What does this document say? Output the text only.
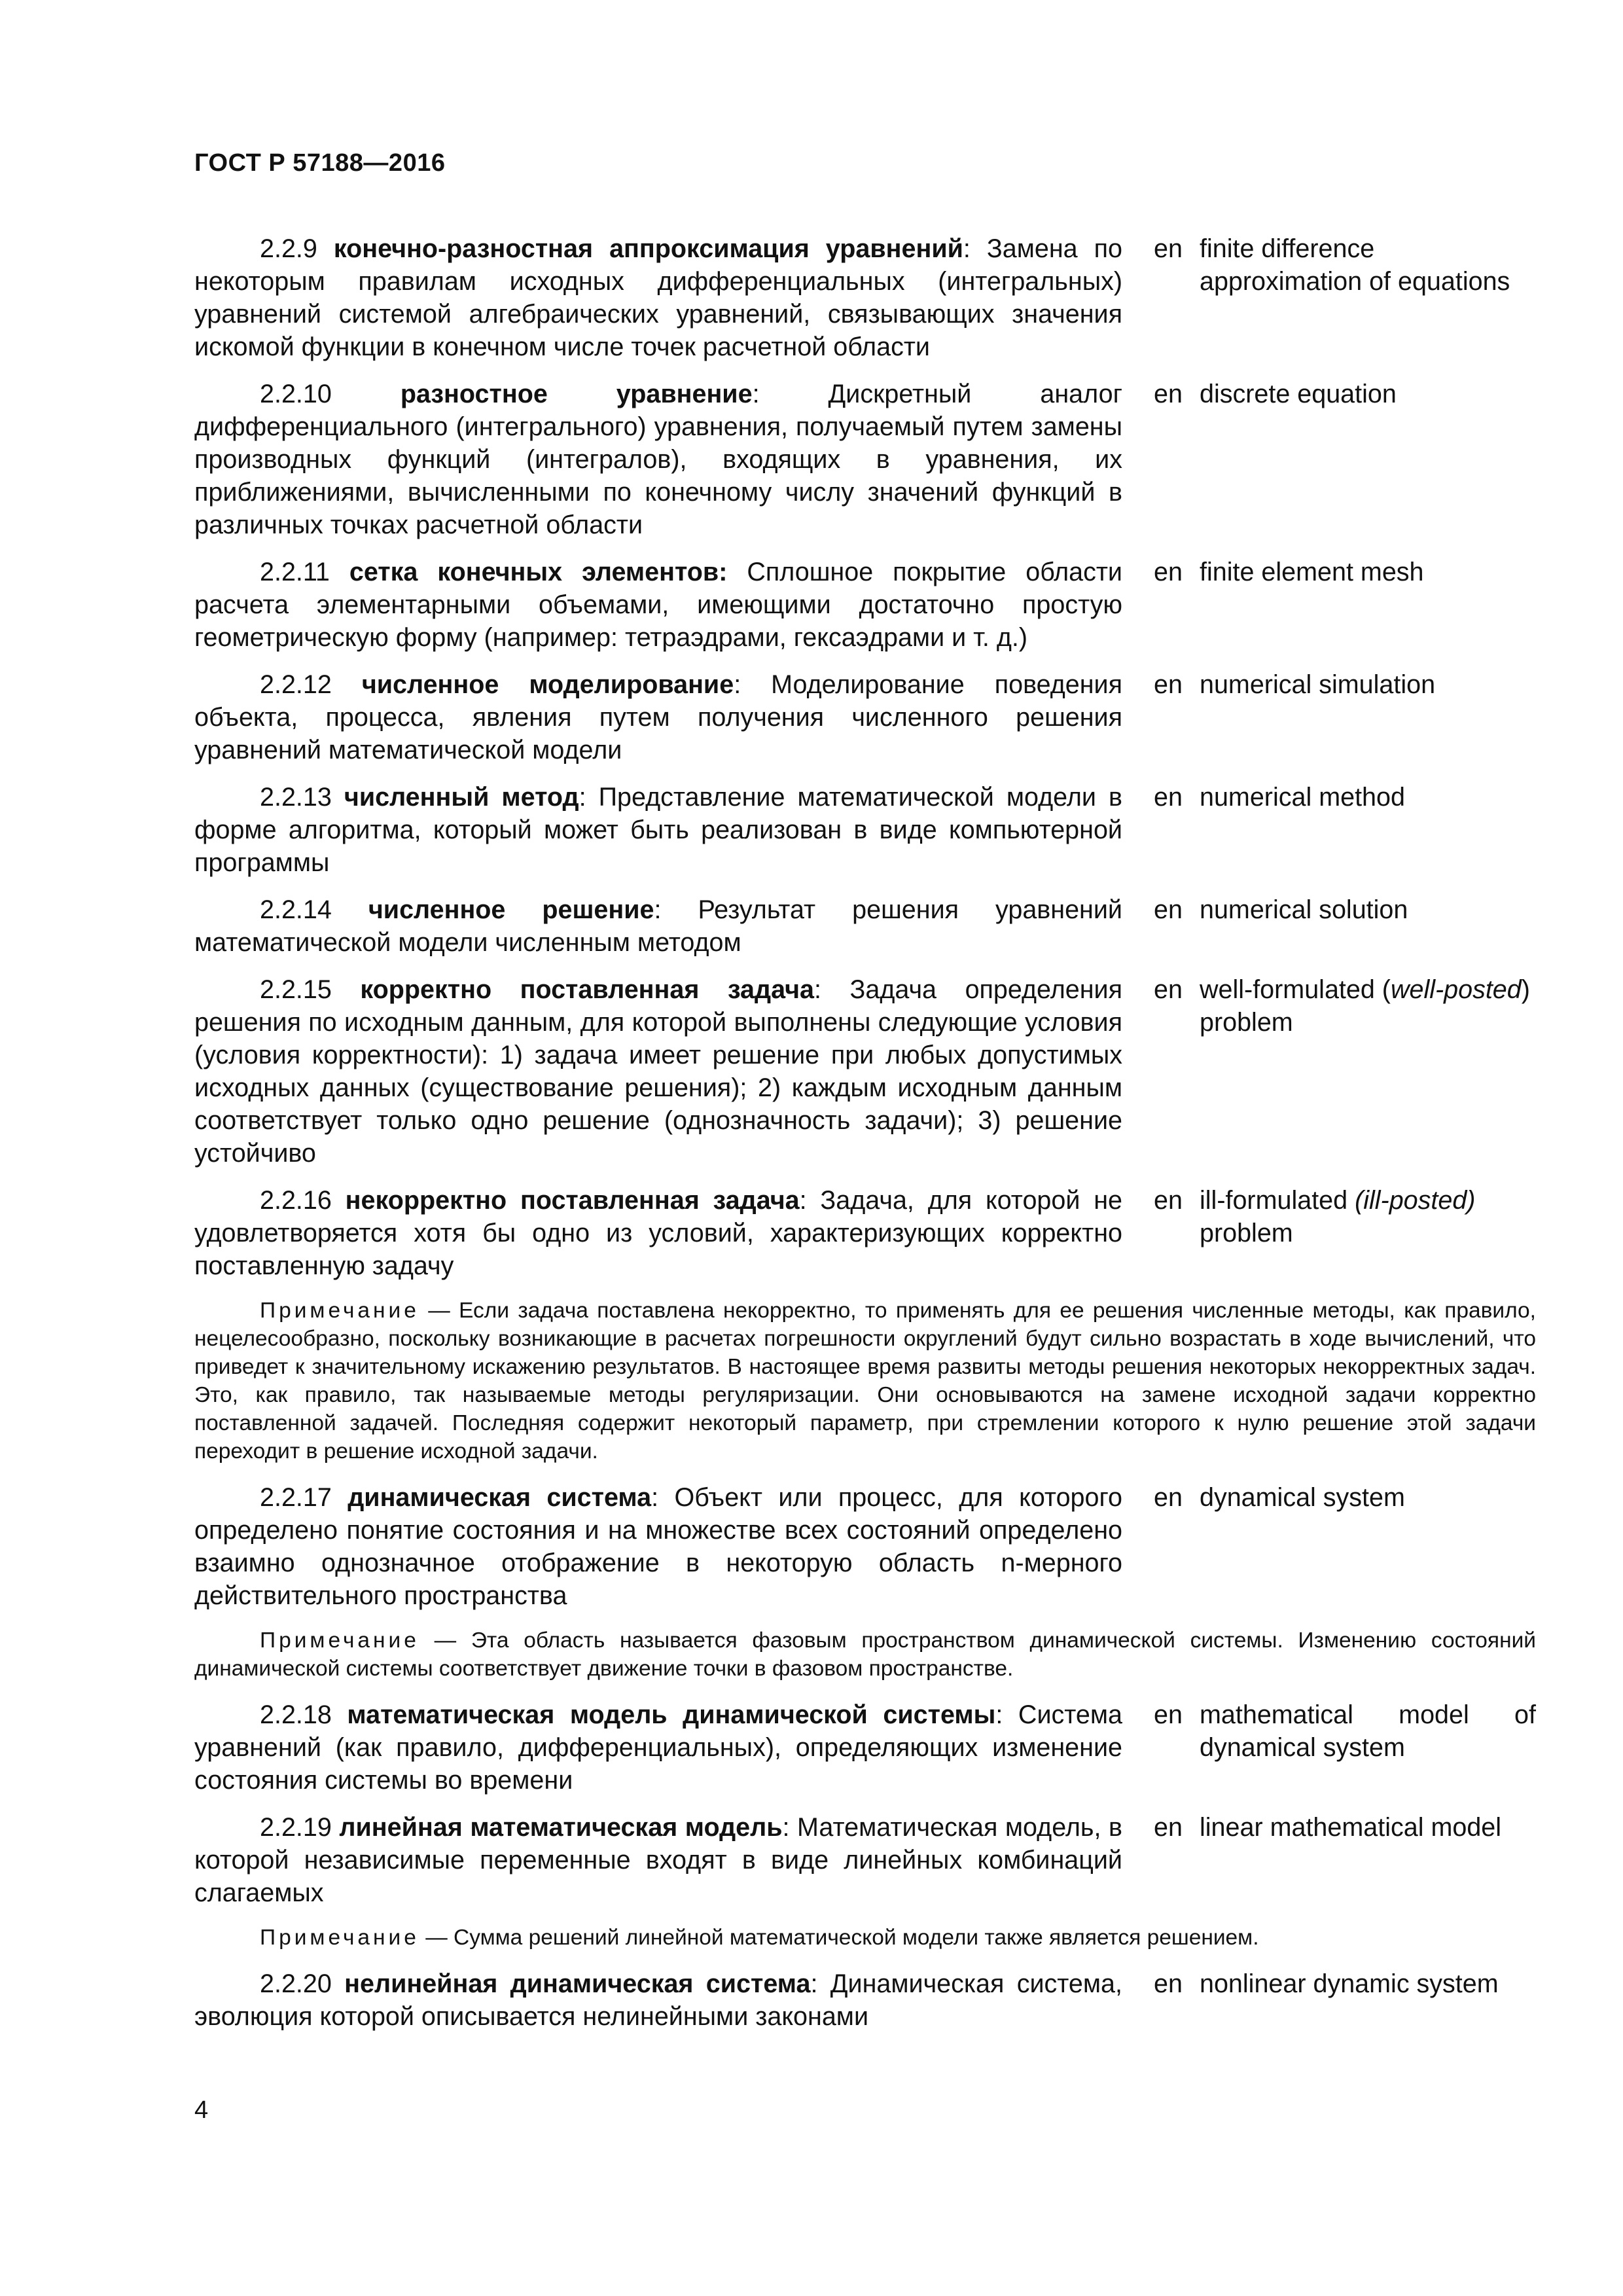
ГОСТ Р 57188—2016
2.2.9 конечно-разностная аппроксимация уравнений: Замена по некоторым правилам исходных дифференциальных (интегральных) уравнений системой алгебраических уравнений, связывающих значения искомой функции в конечном числе точек расчетной области
en finite difference approximation of equations
2.2.10	разностное уравнение: Дискретный аналог дифференциального (интегрального) уравнения, получаемый путем замены производных функций (интегралов), входящих в уравнения, их приближениями, вычисленными по конечному числу значений функций в различных точках расчетной области
en discrete equation
2.2.11 сетка конечных элементов: Сплошное покрытие области расчета элементарными объемами, имеющими достаточно простую геометрическую форму (например: тетраэдрами, гексаэдрами и т. д.)
en finite element mesh
2.2.12 численное моделирование: Моделирование поведения объекта, процесса, явления путем получения численного решения уравнений математической модели
en numerical simulation
2.2.13 численный метод: Представление математической модели в форме алгоритма, который может быть реализован в виде компьютерной программы
en numerical method
2.2.14 численное решение: Результат решения уравнений математической модели численным методом
en numerical solution
2.2.15 корректно поставленная задача: Задача определения решения по исходным данным, для которой выполнены следующие условия (условия корректности): 1) задача имеет решение при любых допустимых исходных данных (существование решения); 2) каждым исходным данным соответствует только одно решение (однозначность задачи); 3) решение устойчиво
en well-formulated (well-posted) problem
2.2.16 некорректно поставленная задача: Задача, для которой не удовлетворяется хотя бы одно из условий, характеризующих корректно поставленную задачу
en ill-formulated (ill-posted) problem
Примечание — Если задача поставлена некорректно, то применять для ее решения численные методы, как правило, нецелесообразно, поскольку возникающие в расчетах погрешности округлений будут сильно возрастать в ходе вычислений, что приведет к значительному искажению результатов. В настоящее время развиты методы решения некоторых некорректных задач. Это, как правило, так называемые методы регуляризации. Они основываются на замене исходной задачи корректно поставленной задачей. Последняя содержит некоторый параметр, при стремлении которого к нулю решение этой задачи переходит в решение исходной задачи.
2.2.17 динамическая система: Объект или процесс, для которого определено понятие состояния и на множестве всех состояний определено взаимно однозначное отображение в некоторую область n-мерного действительного пространства
en dynamical system
Примечание — Эта область называется фазовым пространством динамической системы. Изменению состояний динамической системы соответствует движение точки в фазовом пространстве.
2.2.18 математическая модель динамической системы: Система уравнений (как правило, дифференциальных), определяющих изменение состояния системы во времени
en mathematical model of dynamical system
2.2.19 линейная математическая модель: Математическая модель, в которой независимые переменные входят в виде линейных комбинаций слагаемых
en linear mathematical model
Примечание — Сумма решений линейной математической модели также является решением.
2.2.20 нелинейная динамическая система: Динамическая система, эволюция которой описывается нелинейными законами
en nonlinear dynamic system
4
